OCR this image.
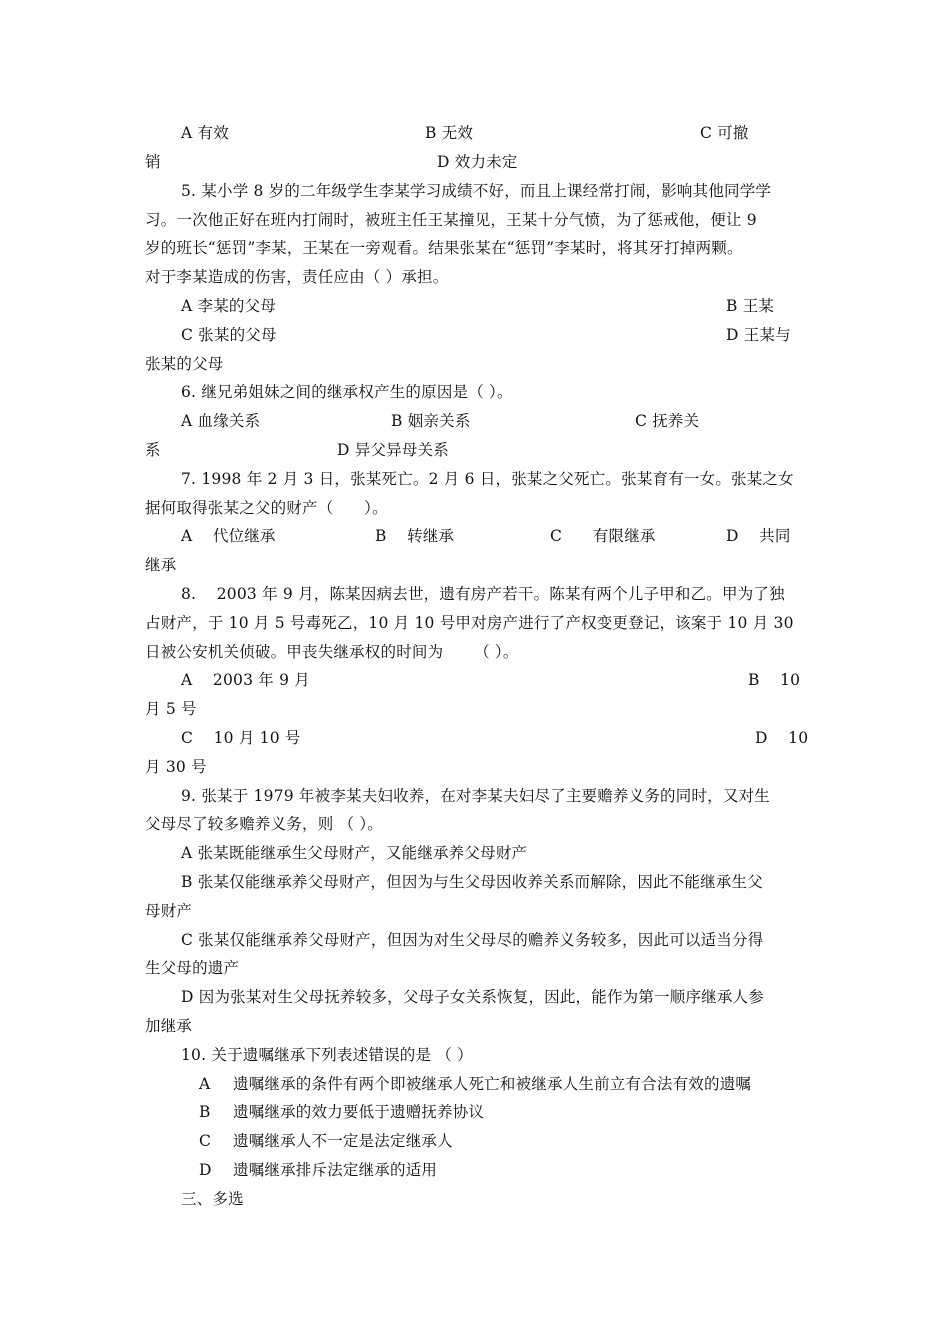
A 有效	B 无效	C 可撤
销	D 效力未定
5. 某小学 8 岁的二年级学生李某学习成绩不好，而且上课经常打闹，影响其他同学学
习。一次他正好在班内打闹时，被班主任王某撞见，王某十分气愤，为了惩戒他，便让 9
岁的班长“惩罚”李某，王某在一旁观看。结果张某在“惩罚”李某时，将其牙打掉两颗。
对于李某造成的伤害，责任应由（ ）承担。
A 李某的父母	B 王某
C 张某的父母	D 王某与
张某的父母
6. 继兄弟姐妹之间的继承权产生的原因是（ ）。
A 血缘关系	B 姻亲关系	C 抚养关
系	D 异父异母关系
7. 1998 年 2 月 3 日，张某死亡。2 月 6 日，张某之父死亡。张某育有一女。张某之女
据何取得张某之父的财产（      ）。
A    代位继承	B    转继承	C      有限继承	D    共同
继承
8.    2003 年 9 月，陈某因病去世，遗有房产若干。陈某有两个儿子甲和乙。甲为了独
占财产，于 10 月 5 号毒死乙，10 月 10 号甲对房产进行了产权变更登记，该案于 10 月 30
日被公安机关侦破。甲丧失继承权的时间为      （ ）。
A    2003 年 9 月	B    10
月 5 号
C    10 月 10 号	D    10
月 30 号
9. 张某于 1979 年被李某夫妇收养，在对李某夫妇尽了主要赡养义务的同时，又对生
父母尽了较多赡养义务，则 （ ）。
A 张某既能继承生父母财产，又能继承养父母财产
B 张某仅能继承养父母财产，但因为与生父母因收养关系而解除，因此不能继承生父
母财产
C 张某仅能继承养父母财产，但因为对生父母尽的赡养义务较多，因此可以适当分得
生父母的遗产
D 因为张某对生父母抚养较多，父母子女关系恢复，因此，能作为第一顺序继承人参
加继承
10. 关于遗嘱继承下列表述错误的是 （ ）
A 遗嘱继承的条件有两个即被继承人死亡和被继承人生前立有合法有效的遗嘱
B 遗嘱继承的效力要低于遗赠抚养协议
C 遗嘱继承人不一定是法定继承人
D 遗嘱继承排斥法定继承的适用
三、多选
